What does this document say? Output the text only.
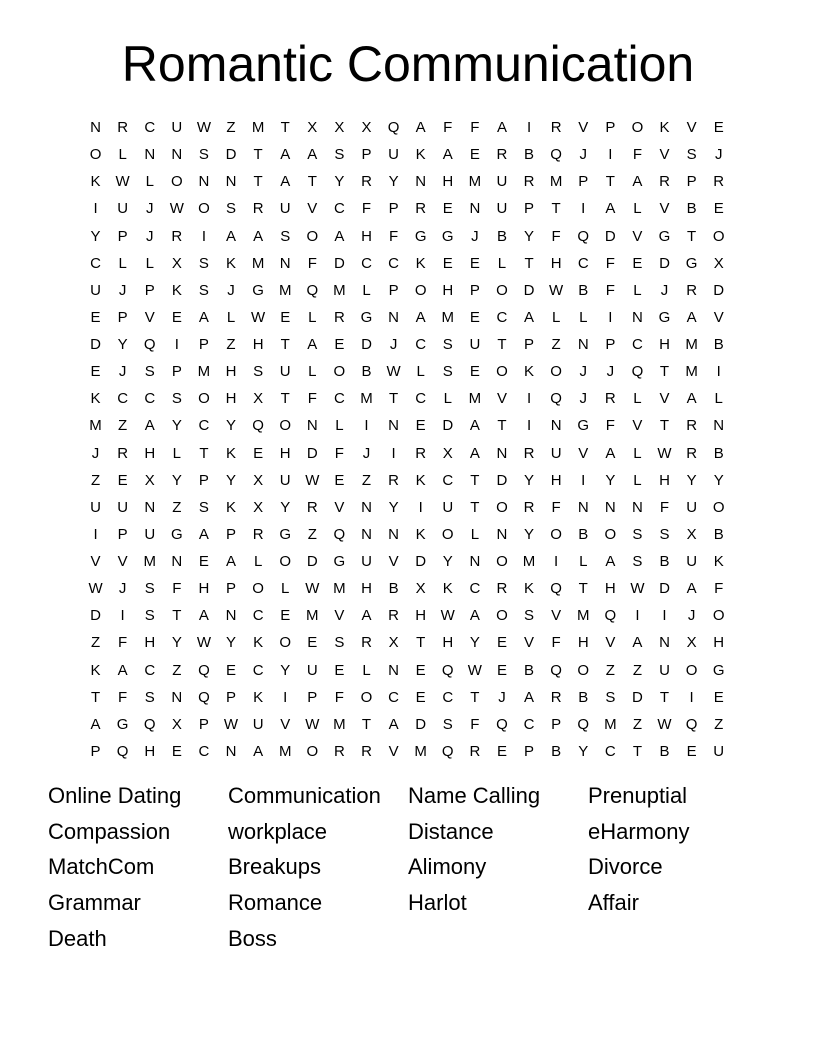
Romantic Communication
N	R	C	U W	Z	M	T	X	X	X	Q	A	F	F	A	I	R	V	P	O	K	V	E
O	L	N	N	S	D	T	A	A	S	P	U	K	A	E	R	B	Q	J	I	F	V	S	J
K	W	L	O	N	N	T	A	T	Y	R	Y	N	H	M	U	R	M	P	T	A	R	P	R
I	U	J	W O	S	R	U	V	C	F	P	R	E	N	U	P	T	I	A	L	V	B	E
Y	P	J	R	I	A	A	S	O	A	H	F	G	G	J	B	Y	F	Q	D	V	G	T	O
C	L	L	X	S	K	M	N	F	D	C	C	K	E	E	L	T	H	C	F	E	D	G	X
U	J	P	K	S	J	G	M	Q	M	L	P	O	H	P	O	D W	B	F	L	J	R	D
E	P	V	E	A	L	W	E	L	R	G	N	A	M	E	C	A	L	L	I	N	G	A	V
D	Y	Q	I	P	Z	H	T	A	E	D	J	C	S	U	T	P	Z	N	P	C	H	M	B
E	J	S	P	M	H	S	U	L	O	B	W	L	S	E	O	K	O	J	J	Q	T	M	I
K	C	C	S	O	H	X	T	F	C	M	T	C	L	M	V	I	Q	J	R	L	V	A	L
M	Z	A	Y	C	Y	Q	O	N	L	I	N	E	D	A	T	I	N	G	F	V	T	R	N
J	R	H	L	T	K	E	H	D	F	J	I	R	X	A	N	R	U	V	A	L	W R	B
Z	E	X	Y	P	Y	X	U W	E	Z	R	K	C	T	D	Y	H	I	Y	L	H	Y	Y
U	U	N	Z	S	K	X	Y	R	V	N	Y	I	U	T	O	R	F	N	N	N	F	U	O
I	P	U	G	A	P	R	G	Z	Q	N	N	K	O	L	N	Y	O	B	O	S	S	X	B
V	V	M	N	E	A	L	O	D	G	U	V	D	Y	N	O	M	I	L	A	S	B	U	K
W	J	S	F	H	P	O	L	W M	H	B	X	K	C	R	K	Q	T	H W D	A	F
D	I	S	T	A	N	C	E	M	V	A	R	H W	A	O	S	V	M	Q	I	I	J	O
Z	F	H	Y	W	Y	K	O	E	S	R	X	T	H	Y	E	V	F	H	V	A	N	X	H
K	A	C	Z	Q	E	C	Y	U	E	L	N	E	Q W	E	B	Q	O	Z	Z	U	O	G
T	F	S	N	Q	P	K	I	P	F	O	C	E	C	T	J	A	R	B	S	D	T	I	E
A	G	Q	X	P	W U	V	W M	T	A	D	S	F	Q	C	P	Q	M	Z	W Q	Z
P	Q	H	E	C	N	A	M	O	R	R	V	M	Q	R	E	P	B	Y	C	T	B	E	U
Online Dating	Communication	Name Calling	Prenuptial
Compassion	workplace	Distance	eHarmony
MatchCom	Breakups	Alimony	Divorce
Grammar	Romance	Harlot	Affair
Death	Boss
